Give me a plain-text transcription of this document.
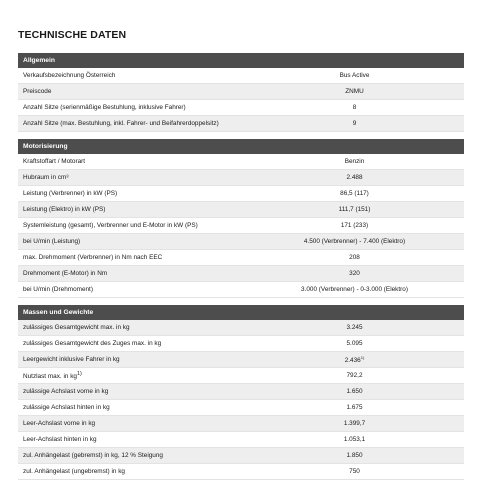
TECHNISCHE DATEN
Allgemein
Verkaufsbezeichnung Österreich	Bus Active
Preiscode	ZNMU
Anzahl Sitze (serienmäßige Bestuhlung, inklusive Fahrer)	8
Anzahl Sitze (max. Bestuhlung, inkl. Fahrer- und Beifahrerdoppelsitz)	9
Motorisierung
Kraftstoffart / Motorart	Benzin
Hubraum in cm³	2.488
Leistung (Verbrenner) in kW (PS)	86,5 (117)
Leistung (Elektro) in kW (PS)	111,7 (151)
Systemleistung (gesamt), Verbrenner und E-Motor in kW (PS)	171 (233)
bei U/min (Leistung)	4.500 (Verbrenner) - 7.400 (Elektro)
max. Drehmoment (Verbrenner) in Nm nach EEC	208
Drehmoment (E-Motor) in Nm	320
bei U/min (Drehmoment)	3.000 (Verbrenner) - 0-3.000 (Elektro)
Massen und Gewichte
zulässiges Gesamtgewicht max. in kg	3.245
zulässiges Gesamtgewicht des Zuges max. in kg	5.095
Leergewicht inklusive Fahrer in kg	2.436$^{1)}$
Nutzlast max. in $kg^{1)}$	792,2
zulässige Achslast vorne in kg	1.650
zulässige Achslast hinten in kg	1.675
Leer-Achslast vorne in kg	1.399,7
Leer-Achslast hinten in kg	1.053,1
zul. Anhängelast (gebremst) in kg, 12 % Steigung	1.850
zul. Anhängelast (ungebremst) in kg	750
